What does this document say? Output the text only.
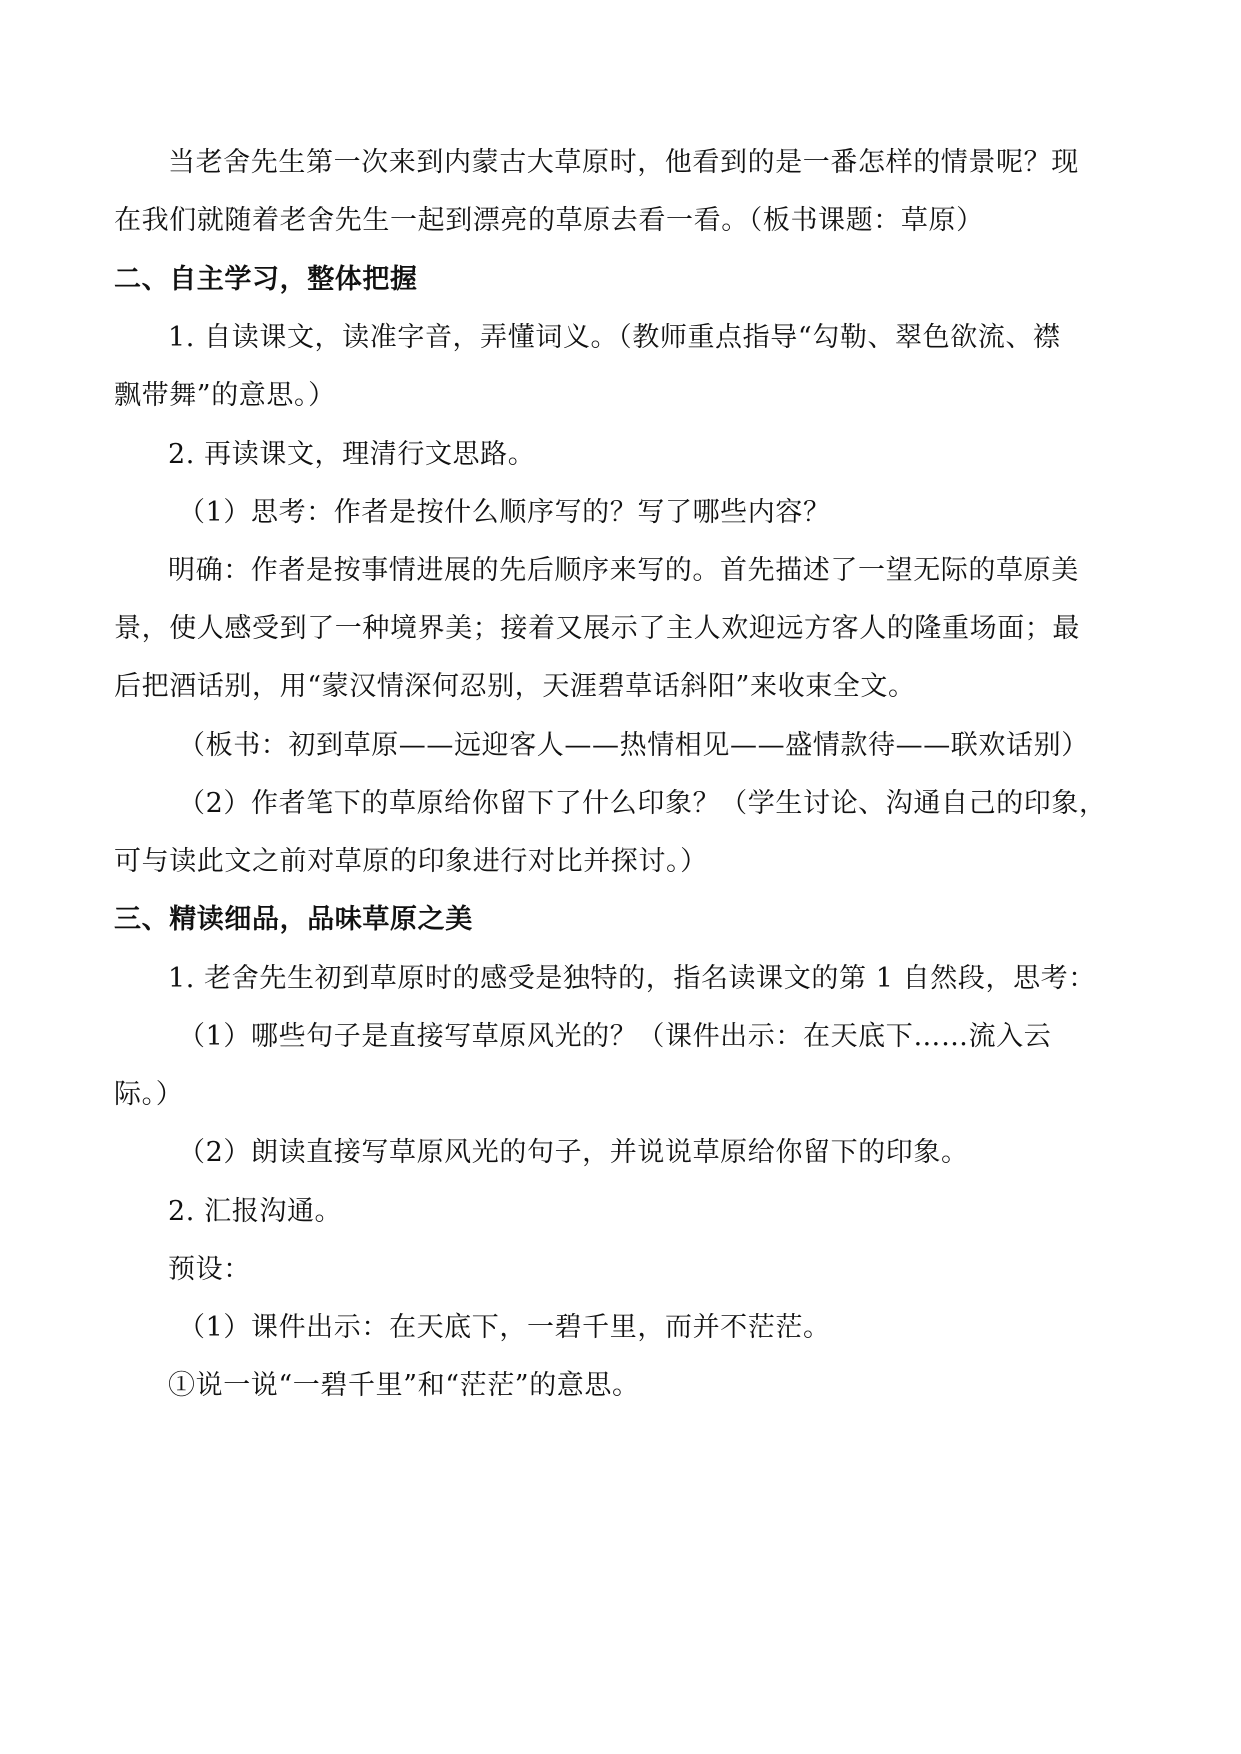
当老舍先生第一次来到内蒙古大草原时，他看到的是一番怎样的情景呢？现
在我们就随着老舍先生一起到漂亮的草原去看一看。（板书课题：草原）
二、自主学习，整体把握
1. 自读课文，读准字音，弄懂词义。（教师重点指导“勾勒、翠色欲流、襟
飘带舞”的意思。）
2. 再读课文，理清行文思路。
（1）思考：作者是按什么顺序写的？写了哪些内容？
明确：作者是按事情进展的先后顺序来写的。首先描述了一望无际的草原美
景，使人感受到了一种境界美；接着又展示了主人欢迎远方客人的隆重场面；最
后把酒话别，用“蒙汉情深何忍别，天涯碧草话斜阳”来收束全文。
（板书：初到草原——远迎客人——热情相见——盛情款待——联欢话别）
（2）作者笔下的草原给你留下了什么印象？（学生讨论、沟通自己的印象，
可与读此文之前对草原的印象进行对比并探讨。）
三、精读细品，品味草原之美
1. 老舍先生初到草原时的感受是独特的，指名读课文的第 1 自然段，思考：
（1）哪些句子是直接写草原风光的？（课件出示：在天底下……流入云
际。）
（2）朗读直接写草原风光的句子，并说说草原给你留下的印象。
2. 汇报沟通。
预设：
（1）课件出示：在天底下，一碧千里，而并不茫茫。
①说一说“一碧千里”和“茫茫”的意思。
